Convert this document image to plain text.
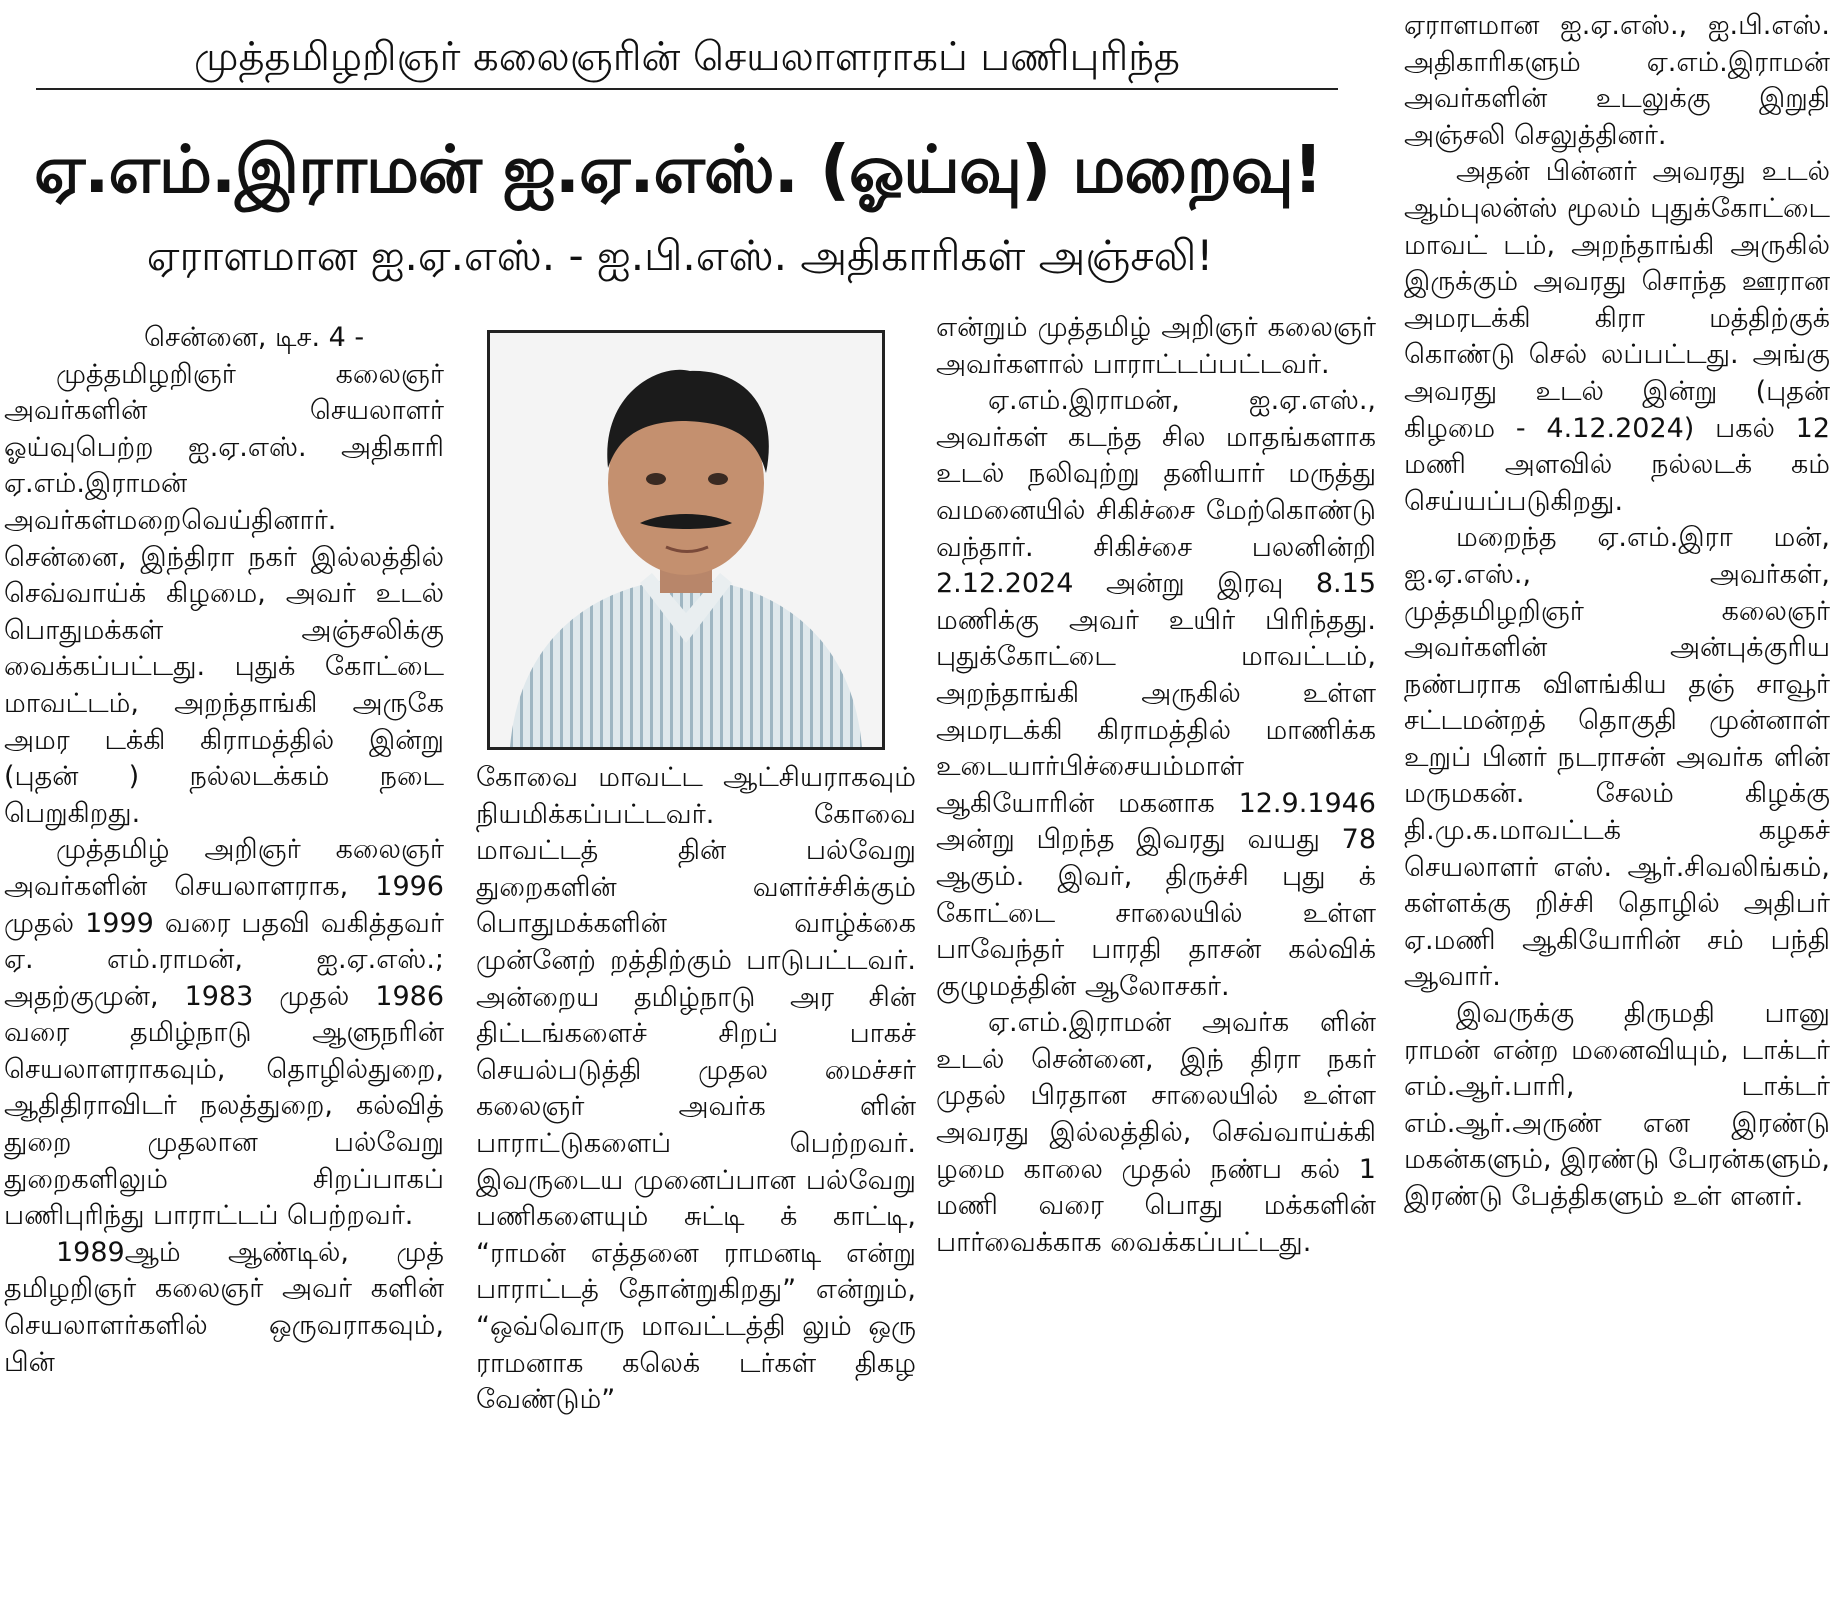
முத்தமிழறிஞர் கலைஞரின் செயலாளராகப் பணிபுரிந்த
ஏ.எம்.இராமன் ஐ.ஏ.எஸ். (ஓய்வு) மறைவு!
ஏராளமான ஐ.ஏ.எஸ். - ஐ.பி.எஸ். அதிகாரிகள் அஞ்சலி!

சென்னை, டிச. 4 -

முத்தமிழறிஞர் கலைஞர் அவர்களின் செயலாளர் ஓய்வுபெற்ற ஐ.ஏ.எஸ். அதிகாரி ஏ.எம்.இராமன் அவர்கள்மறைவெய்தினார். சென்னை, இந்திரா நகர் இல்லத்தில் செவ்வாய்க் கிழமை, அவர் உடல் பொதுமக்கள் அஞ்சலிக்கு வைக்கப்பட்டது. புதுக் கோட்டை மாவட்டம், அறந்தாங்கி அருகே அமர டக்கி கிராமத்தில் இன்று (புதன் ) நல்லடக்கம் நடை பெறுகிறது.

முத்தமிழ் அறிஞர் கலைஞர் அவர்களின் செயலாளராக, 1996 முதல் 1999 வரை பதவி வகித்தவர் ஏ. எம்.ராமன், ஐ.ஏ.எஸ்.; அதற்குமுன், 1983 முதல் 1986 வரை தமிழ்நாடு ஆளுநரின் செயலாளராகவும், தொழில்துறை, ஆதிதிராவிடர் நலத்துறை, கல்வித் துறை முதலான பல்வேறு துறைகளிலும் சிறப்பாகப் பணிபுரிந்து பாராட்டப் பெற்றவர்.

1989ஆம் ஆண்டில், முத் தமிழறிஞர் கலைஞர் அவர் களின் செயலாளர்களில் ஒருவராகவும், பின்

கோவை மாவட்ட ஆட்சியராகவும் நியமிக்கப்பட்டவர். கோவை மாவட்டத் தின் பல்வேறு துறைகளின் வளர்ச்சிக்கும் பொதுமக்களின் வாழ்க்கை முன்னேற் றத்திற்கும் பாடுபட்டவர். அன்றைய தமிழ்நாடு அர சின் திட்டங்களைச் சிறப் பாகச் செயல்படுத்தி முதல மைச்சர் கலைஞர் அவர்க ளின் பாராட்டுகளைப் பெற்றவர். இவருடைய முனைப்பான பல்வேறு பணிகளையும் சுட்டி க் காட்டி, “ராமன் எத்தனை ராமனடி என்று பாராட்டத் தோன்றுகிறது” என்றும், “ஒவ்வொரு மாவட்டத்தி லும் ஒரு ராமனாக கலெக் டர்கள் திகழ வேண்டும்”

என்றும் முத்தமிழ் அறிஞர் கலைஞர் அவர்களால் பாராட்டப்பட்டவர்.

ஏ.எம்.இராமன், ஐ.ஏ.எஸ்., அவர்கள் கடந்த சில மாதங்களாக உடல் நலிவுற்று தனியார் மருத்து வமனையில் சிகிச்சை மேற்கொண்டு வந்தார். சிகிச்சை பலனின்றி 2.12.2024 அன்று இரவு 8.15 மணிக்கு அவர் உயிர் பிரிந்தது. புதுக்கோட்டை மாவட்டம், அறந்தாங்கி அருகில் உள்ள அமரடக்கி கிராமத்தில் மாணிக்க உடையார்பிச்சையம்மாள் ஆகியோரின் மகனாக 12.9.1946 அன்று பிறந்த இவரது வயது 78 ஆகும். இவர், திருச்சி புது க் கோட்டை சாலையில் உள்ள பாவேந்தர் பாரதி தாசன் கல்விக் குழுமத்தின் ஆலோசகர்.

ஏ.எம்.இராமன் அவர்க ளின் உடல் சென்னை, இந் திரா நகர் முதல் பிரதான சாலையில் உள்ள அவரது இல்லத்தில், செவ்வாய்க்கி ழமை காலை முதல் நண்ப கல் 1 மணி வரை பொது மக்களின் பார்வைக்காக வைக்கப்பட்டது.

ஏராளமான ஐ.ஏ.எஸ்., ஐ.பி.எஸ். அதிகாரிகளும் ஏ.எம்.இராமன் அவர்களின் உடலுக்கு இறுதி அஞ்சலி செலுத்தினர்.

அதன் பின்னர் அவரது உடல் ஆம்புலன்ஸ் மூலம் புதுக்கோட்டை மாவட் டம், அறந்தாங்கி அருகில் இருக்கும் அவரது சொந்த ஊரான அமரடக்கி கிரா மத்திற்குக் கொண்டு செல் லப்பட்டது. அங்கு அவரது உடல் இன்று (புதன் கிழமை - 4.12.2024) பகல் 12 மணி அளவில் நல்லடக் கம் செய்யப்படுகிறது.

மறைந்த ஏ.எம்.இரா மன், ஐ.ஏ.எஸ்., அவர்கள், முத்தமிழறிஞர் கலைஞர் அவர்களின் அன்புக்குரிய நண்பராக விளங்கிய தஞ் சாவூர் சட்டமன்றத் தொகுதி முன்னாள் உறுப் பினர் நடராசன் அவர்க ளின் மருமகன். சேலம் கிழக்கு தி.மு.க.மாவட்டக் கழகச் செயலாளர் எஸ். ஆர்.சிவலிங்கம், கள்ளக்கு றிச்சி தொழில் அதிபர் ஏ.மணி ஆகியோரின் சம் பந்தி ஆவார்.

இவருக்கு திருமதி பானு ராமன் என்ற மனைவியும், டாக்டர் எம்.ஆர்.பாரி, டாக்டர் எம்.ஆர்.அருண் என இரண்டு மகன்களும், இரண்டு பேரன்களும், இரண்டு பேத்திகளும் உள் ளனர்.
